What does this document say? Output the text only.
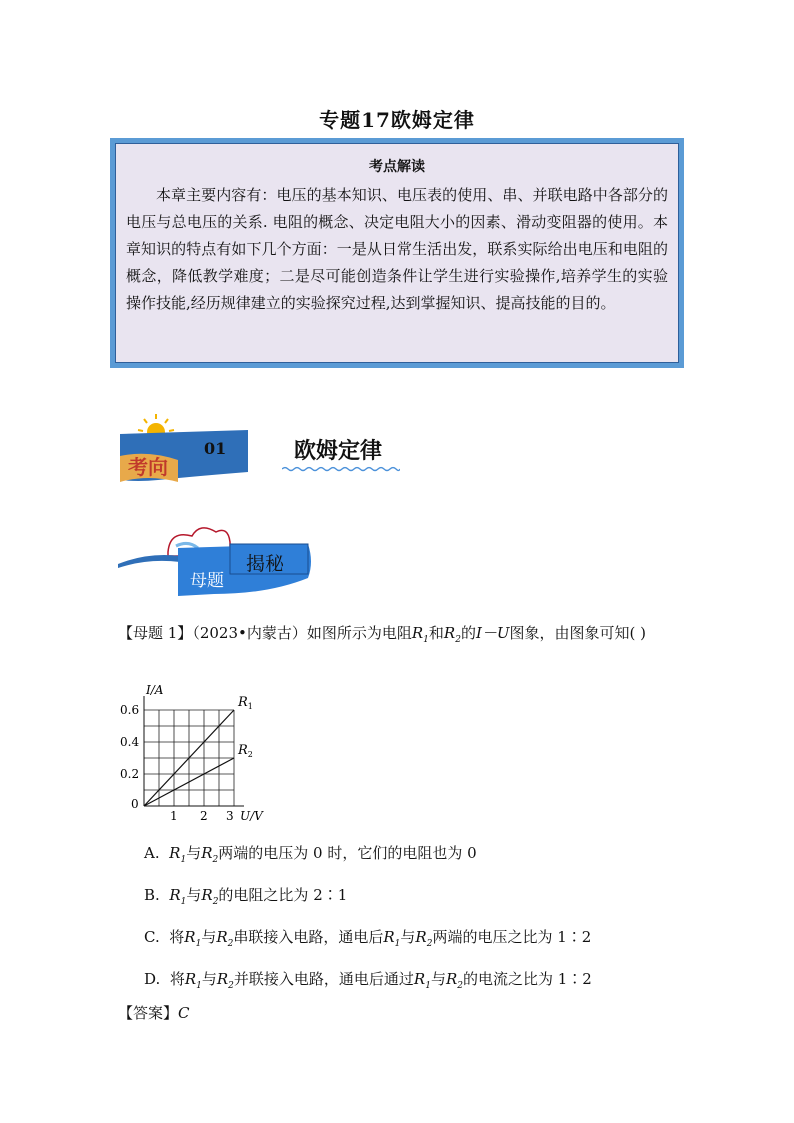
专题17欧姆定律
考点解读
本章主要内容有：电压的基本知识、电压表的使用、串、并联电路中各部分的电压与总电压的关系. 电阻的概念、决定电阻大小的因素、滑动变阻器的使用。本章知识的特点有如下几个方面：一是从日常生活出发，联系实际给出电压和电阻的概念，降低教学难度；二是尽可能创造条件让学生进行实验操作,培养学生的实验操作技能,经历规律建立的实验探究过程,达到掌握知识、提高技能的目的。
考向
01	欧姆定律
母题
揭秘
【母题 1】（2023•内蒙古）如图所示为电阻$R_1$和$R_2$的I－U图象，由图象可知( )
I/A
U/V
0
1 2 3
0.6
0.4
0.2
$R_1$
$R_2$
A. $R_1$与$R_2$两端的电压为 0 时，它们的电阻也为 0
B. $R_1$与$R_2$的电阻之比为 2∶1
C. 将$R_1$与$R_2$串联接入电路，通电后$R_1$与$R_2$两端的电压之比为 1∶2
D. 将$R_1$与$R_2$并联接入电路，通电后通过$R_1$与$R_2$的电流之比为 1∶2
【答案】C
